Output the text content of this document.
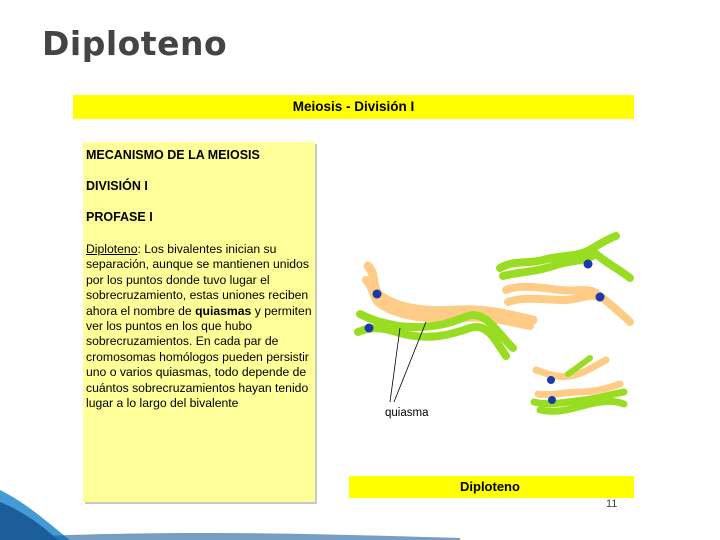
Diploteno
Meiosis - División I
MECANISMO DE LA MEIOSIS
DIVISIÓN I
PROFASE I
Diploteno: Los bivalentes inician su separación, aunque se mantienen unidos por los puntos donde tuvo lugar el sobrecruzamiento, estas uniones reciben ahora el nombre de quiasmas y permiten ver los puntos en los que hubo sobrecruzamientos. En cada par de cromosomas homólogos pueden persistir uno o varios quiasmas, todo depende de cuántos sobrecruzamientos hayan tenido lugar a lo largo del bivalente
quiasma
Diploteno
11
